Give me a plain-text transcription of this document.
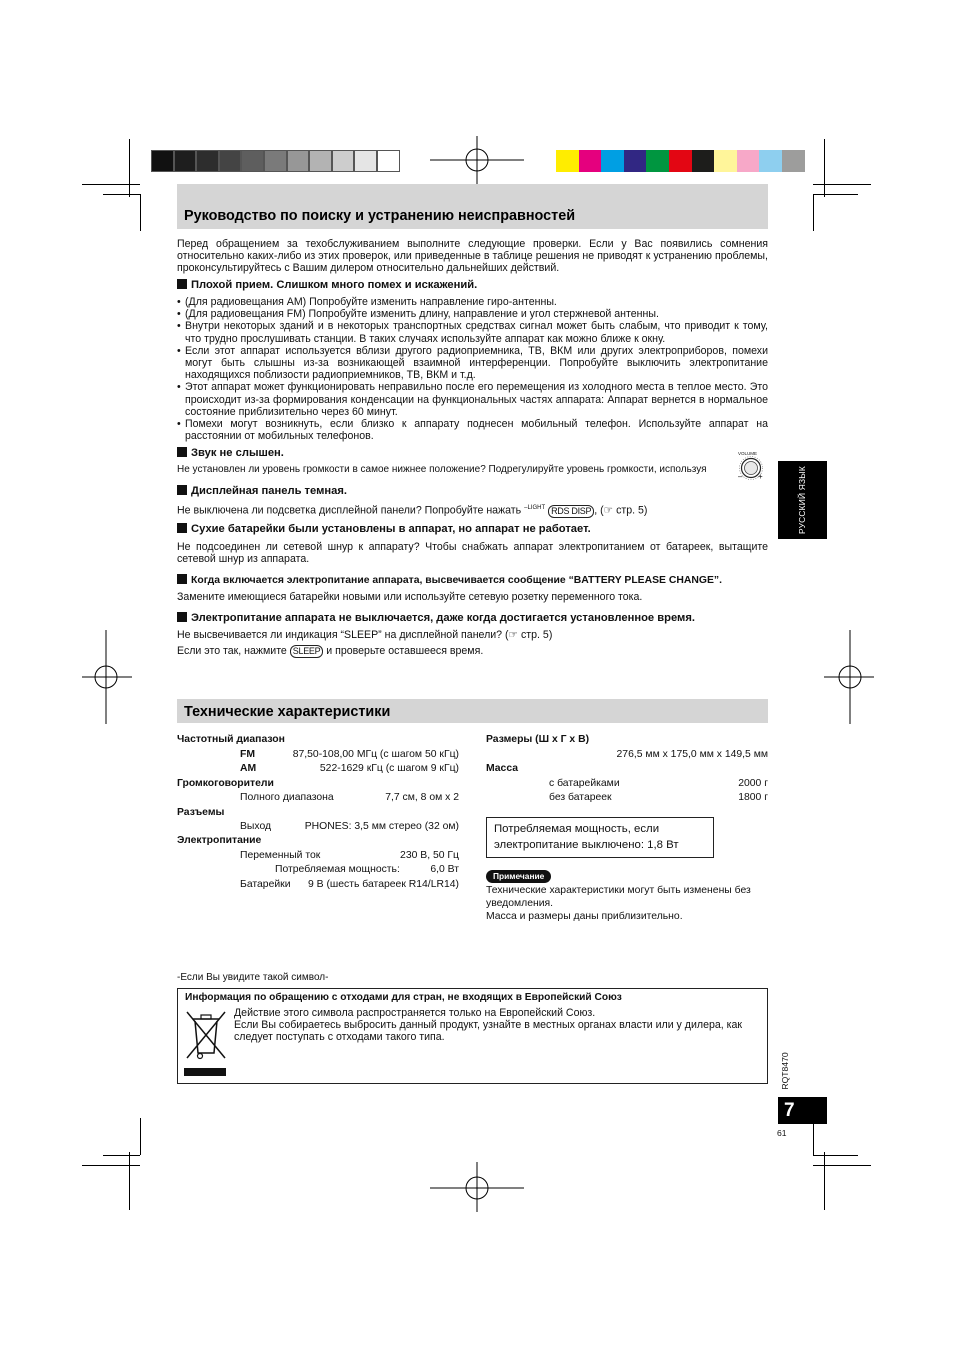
Руководство по поиску и устранению неисправностей
Перед обращением за техобслуживанием выполните следующие проверки. Если у Вас появились сомнения относительно каких-либо из этих проверок, или приведенные в таблице решения не приводят к устранению проблемы, проконсультируйтесь с Вашим дилером относительно дальнейших действий.
Плохой прием. Слишком много помех и искажений.
• (Для радиовещания AM) Попробуйте изменить направление гиро-антенны.
• (Для радиовещания FM) Попробуйте изменить длину, направление и угол стержневой антенны.
• Внутри некоторых зданий и в некоторых транспортных средствах сигнал может быть слабым, что приводит к тому, что трудно прослушивать станции. В таких случаях используйте аппарат как можно ближе к окну.
• Если этот аппарат используется вблизи другого радиоприемника, ТВ, ВКМ или других электроприборов, помехи могут быть слышны из-за возникающей взаимной интерференции. Попробуйте выключить электропитание находящихся поблизости радиоприемников, ТВ, ВКМ и т.д.
• Этот аппарат может функционировать неправильно после его перемещения из холодного места в теплое место. Это происходит из-за формирования конденсации на функциональных частях аппарата: Аппарат вернется в нормальное состояние приблизительно через 60 минут.
• Помехи могут возникнуть, если близко к аппарату поднесен мобильный телефон. Используйте аппарат на расстоянии от мобильных телефонов.
Звук не слышен.
Не установлен ли уровень громкости в самое нижнее положение? Подрегулируйте уровень громкости, используя
VOLUME
– +
Дисплейная панель темная.
Не выключена ли подсветка дисплейной панели? Попробуйте нажать $^{-LIGHT}$ RDS DISP , (☞ стр. 5)
Сухие батарейки были установлены в аппарат, но аппарат не работает.
Не подсоединен ли сетевой шнур к аппарату? Чтобы снабжать аппарат электропитанием от батареек, вытащите сетевой шнур из аппарата.
Когда включается электропитание аппарата, высвечивается сообщение “BATTERY PLEASE CHANGE”.
Замените имеющиеся батарейки новыми или используйте сетевую розетку переменного тока.
Электропитание аппарата не выключается, даже когда достигается установленное время.
Не высвечивается ли индикация “SLEEP” на дисплейной панели? (☞ стр. 5)
Если это так, нажмите SLEEP и проверьте оставшееся время.
Технические характеристики
Частотный диапазон
FM	87,50-108,00 МГц (с шагом 50 кГц)
AM	522-1629 кГц (с шагом 9 кГц)
Громкоговорители
Полного диапазона	7,7 см, 8 ом х 2
Разъемы
Выход	PHONES: 3,5 мм стерео (32 ом)
Электропитание
Переменный ток	230 В, 50 Гц
Потребляемая мощность:	6,0 Вт
Батарейки 9 В (шесть батареек R14/LR14)
Размеры (Ш х Г х В)
276,5 мм х 175,0 мм х 149,5 мм
Масса
с батарейками	2000 г
без батареек	1800 г
Потребляемая мощность, если электропитание выключено: 1,8 Вт
Примечание
Технические характеристики могут быть изменены без уведомления.
Масса и размеры даны приблизительно.
-Если Вы увидите такой символ-
Информация по обращению с отходами для стран, не входящих в Европейский Союз
Действие этого символа распространяется только на Европейский Союз.
Если Вы собираетесь выбросить данный продукт, узнайте в местных органах власти или у дилера, как следует поступать с отходами такого типа.
РУССКИЙ ЯЗЫК
RQT8470
7
61
